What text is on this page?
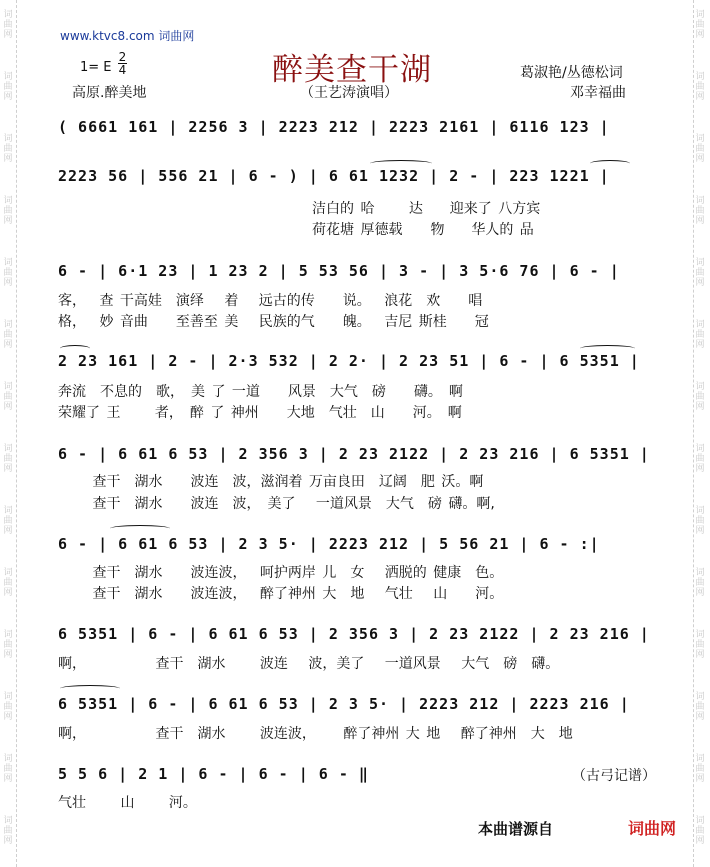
词
曲
网
词
曲
网
词
曲
网
词
曲
网
词
曲
网
词
曲
网
词
曲
网
词
曲
网
词
曲
网
词
曲
网
词
曲
网
词
曲
网
词
曲
网
词
曲
网
词
曲
网
词
曲
网
词
曲
网
词
曲
网
词
曲
网
词
曲
网
词
曲
网
词
曲
网
词
曲
网
词
曲
网
词
曲
网
词
曲
网
词
曲
网
词
曲
网
www.ktvc8.com 词曲网
醉美查干湖
1= E
2
4	葛淑艳/丛德松词
高原.醉美地	（王艺涛演唱）	邓幸福曲
( 6661 161 | 2256 3 | 2223 212 | 2223 2161 | 6116 123 |
2223 56 | 556 21 | 6 - ) | 6 61 1232 | 2 - | 223 1221 |
洁白的 哈　　 达 　 迎来了 八方宾
荷花塘 厚德载　　物 　 华人的 品
6 - | 6·1 23 | 1 23 2 | 5 53 56 | 3 - | 3 5·6 76 | 6 - |
客，　 查 干高娃　演绎 　着　 远古的传　　说。　 浪花　欢　　唱
格，　 妙 音曲　　至善至 美　 民族的气　　魄。　 吉尼 斯桂　　冠
2 23 161 | 2 - | 2·3 532 | 2 2· | 2 23 51 | 6 - | 6 5351 |
奔流　不息的　歌，　美 了 一道　　风景　大气　磅　　礴。　啊
荣耀了 王　　 者，　醉 了 神州　　大地　气壮　山　　河。　啊
6 - | 6 61 6 53 | 2 356 3 | 2 23 2122 | 2 23 216 | 6 5351 |
　　 查干　湖水　　波连　波，滋润着 万亩良田　辽阔　肥 沃。啊
　　 查干　湖水　　波连　波，　美了　 一道风景　大气　磅 礴。啊,
6 - | 6 61 6 53 | 2 3 5· | 2223 212 | 5 56 21 | 6 - :|
　　 查干　湖水　　波连波，　 呵护两岸 儿　女　 洒脱的 健康　色。
　　 查干　湖水　　波连波，　 醉了神州 大　地　 气壮　 山　　河。
6 5351 | 6 - | 6 61 6 53 | 2 356 3 | 2 23 2122 | 2 23 216 |
啊，　　　　　 查干　湖水　　 波连　 波，美了　 一道风景　 大气　磅　礴。
6 5351 | 6 - | 6 61 6 53 | 2 3 5· | 2223 212 | 2223 216 |
啊，　　　　　 查干　湖水　　 波连波，　　 醉了神州 大 地　 醉了神州　大　地
5 5 6 | 2 1 | 6 - | 6 - | 6 - ‖
气壮　　 山　　 河。
（古弓记谱）
本曲谱源自	词曲网
